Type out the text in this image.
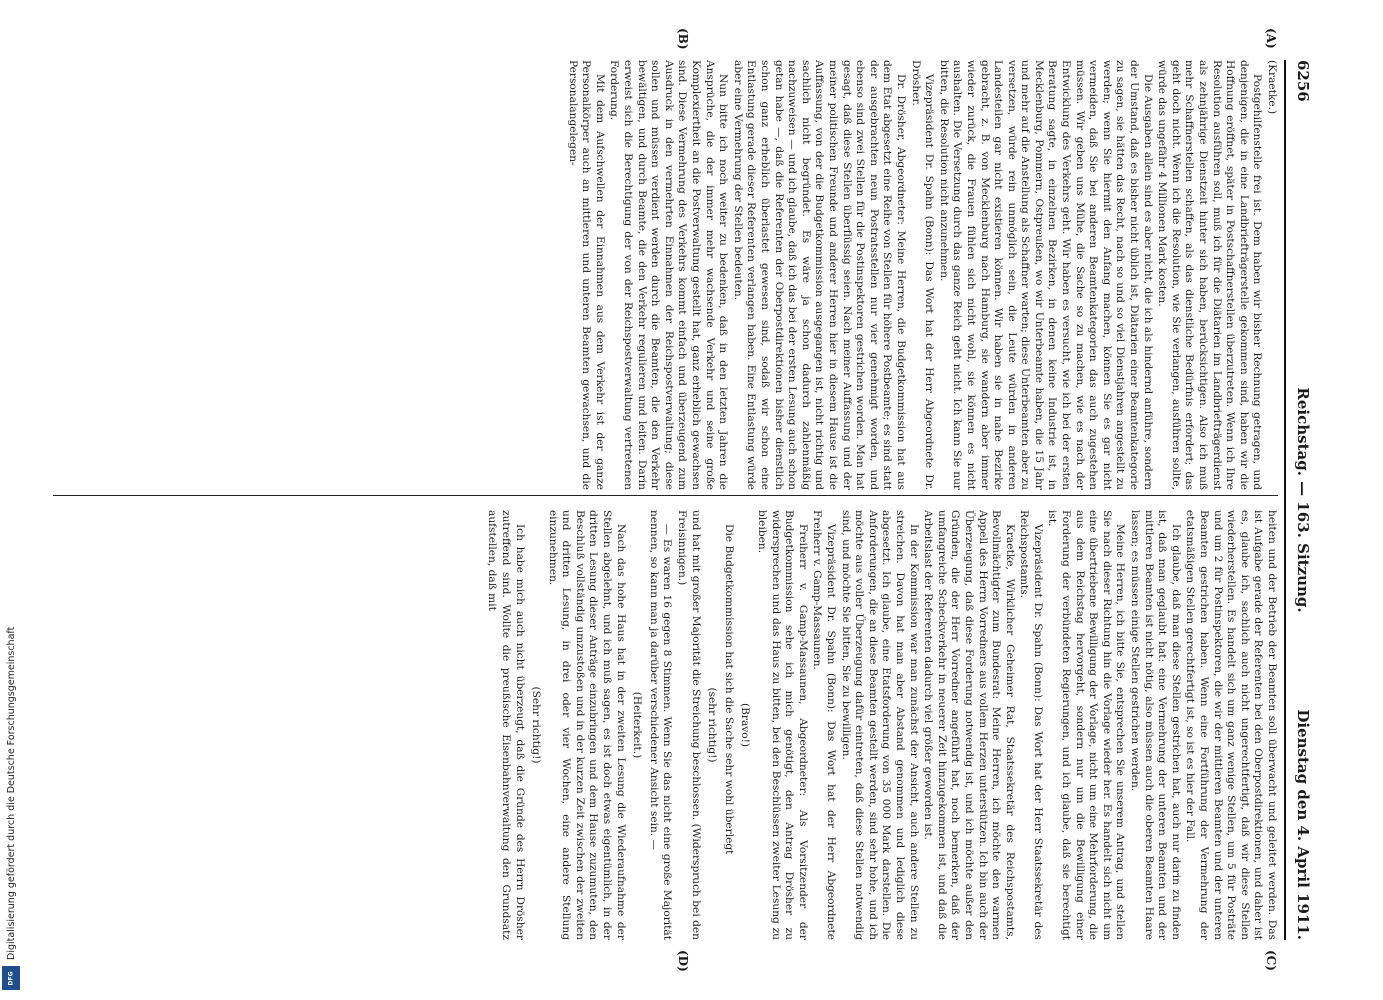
6256
Reichstag. — 163. Sitzung.
Dienstag den 4. April 1911.
(A)
(B)
(C)
(D)

(Kraetke.)

Postgehilfenstelle frei ist. Dem haben wir bisher Rechnung getragen, und denjenigen, die in eine Landbriefträgerstelle gekommen sind, haben wir die Hoffnung eröffnet, später in Postschaffnerstellen überzutreten. Wenn ich Ihre Resolution ausführen soll, muß ich für die Diätarien im Landbriefträgerdienst als zehnjährige Dienstzeit hinter sich haben, berücksichtigen. Also ich muß mehr Schaffnerstellen schaffen, als das dienstliche Bedürfnis erfordert; das geht doch nicht. Wenn ich die Resolution, wie Sie verlangen, ausführen sollte, würde das ungefähr 4 Millionen Mark kosten.

Die Ausgaben allein sind es aber nicht, die ich als hindernd anführe, sondern der Umstand, daß es bisher nicht üblich ist, Diätarien einer Beamtenkategorie zu sagen, sie hätten das Recht, nach so und so viel Dienstjahren angestellt zu werden; wenn Sie hiermit den Anfang machen, können Sie es gar nicht vermeiden, daß Sie bei anderen Beamtenkategorien das auch zugestehen müssen. Wir geben uns Mühe, die Sache so zu machen, wie es nach der Entwicklung des Verkehrs geht. Wir haben es versucht, wie ich bei der ersten Beratung sagte, in einzelnen Bezirken, in denen keine Industrie ist, in Mecklenburg, Pommern, Ostpreußen, wo wir Unterbeamte haben, die 15 Jahr und mehr auf die Anstellung als Schaffner warten; diese Unterbeamten aber zu versetzen, würde rein unmöglich sein, die Leute würden in anderen Landesteilen gar nicht existieren können. Wir haben sie in nahe Bezirke gebracht, z. B. von Mecklenburg nach Hamburg, sie wandern aber immer wieder zurück, die Frauen fühlen sich nicht wohl, sie können es nicht aushalten. Die Versetzung durch das ganze Reich geht nicht. Ich kann Sie nur bitten, die Resolution nicht anzunehmen.

Vizepräsident Dr. Spahn (Bonn): Das Wort hat der Herr Abgeordnete Dr. Drösher.

Dr. Drösher, Abgeordneter: Meine Herren, die Budgetkommission hat aus dem Etat abgesetzt eine Reihe von Stellen für höhere Postbeamte; es sind statt der ausgebrachten neun Postratsstellen nur vier genehmigt worden, und ebenso sind zwei Stellen für die Postinspektoren gestrichen worden. Man hat gesagt, daß diese Stellen überflüssig seien. Nach meiner Auffassung und der meiner politischen Freunde und anderer Herren hier in diesem Hause ist die Auffassung, von der die Budgetkommission ausgegangen ist, nicht richtig und sachlich nicht begründet. Es wäre ja schon dadurch zahlenmäßig nachzuweisen — und ich glaube, daß ich das bei der ersten Lesung auch schon getan habe —, daß die Referenten der Oberpostdirektionen bisher dienstlich schon ganz erheblich überlastet gewesen sind, sodaß wir schon eine Entlastung gerade dieser Referenten verlangen haben. Eine Entlastung würde aber eine Vermehrung der Stellen bedeuten.

Nun bitte ich noch weiter zu bedenken, daß in den letzten Jahren die Ansprüche, die der immer mehr wachsende Verkehr und seine große Komplexiertheit an die Postverwaltung gestellt hat, ganz erheblich gewachsen sind. Diese Vermehrung des Verkehrs kommt einfach und überzeugend zum Ausdruck in den vermehrten Einnahmen der Reichspostverwaltung; diese sollen und müssen verdient werden durch die Beamten, die den Verkehr bewältigen, und durch Beamte, die den Verkehr regulieren und leiten. Darin erweist sich die Berechtigung der von der Reichspostverwaltung vertretenen Forderung.

Mit dem Aufschwellen der Einnahmen aus dem Verkehr ist der ganze Personalkörper auch an mittleren und unteren Beamten gewachsen, und die Personalangelegen-

heiten und der Betrieb der Beamten soll überwacht und geleitet werden. Das ist Aufgabe gerade der Referenten bei den Oberpostdirektionen, und daher ist es, glaube ich, sachlich auch nicht ungerechtfertigt, daß wir diese Stellen wiederherstellen. Es handelt sich um ganz wenige Stellen, um 5 für Posträte und um 2 für Postinspektoren, die wir der mittleren Beamten und der unteren Beamten gestrichen haben. Wenn eine Fortführung der Vermehrung der etatsmäßigen Stellen gerechtfertigt ist, so ist es hier der Fall.

Ich glaube, daß man diese Stellen gestrichen hat, auch nur darin zu finden ist, daß man geglaubt hat: eine Vermehrung der unteren Beamten und der mittleren Beamten ist nicht nötig, also müssen auch die oberen Beamten Haare lassen; es müssen einige Stellen gestrichen werden.

Meine Herren, ich bitte Sie, entsprechen Sie unserem Antrag, und stellen Sie nach dieser Richtung hin die Vorlage wieder her. Es handelt sich nicht um eine übertriebene Bewilligung der Vorlage, nicht um eine Mehrforderung, die aus dem Reichstag hervorgeht, sondern nur um die Bewilligung einer Forderung der verbündeten Regierungen, und ich glaube, daß sie berechtigt ist.

Vizepräsident Dr. Spahn (Bonn): Das Wort hat der Herr Staatssekretär des Reichspostamts.

Kraetke, Wirklicher Geheimer Rat, Staatssekretär des Reichspostamts, Bevollmächtigter zum Bundesrat: Meine Herren, ich möchte den warmen Appell des Herrn Vorredners aus vollem Herzen unterstützen. Ich bin auch der Überzeugung, daß diese Forderung notwendig ist, und ich möchte außer den Gründen, die der Herr Vorredner angeführt hat, noch bemerken, daß der umfangreiche Scheckverkehr in neuerer Zeit hinzugekommen ist, und daß die Arbeitslast der Referenten dadurch viel größer geworden ist.

In der Kommission war man zunächst der Ansicht, auch andere Stellen zu streichen. Davon hat man aber Abstand genommen und lediglich diese abgesetzt. Ich glaube, eine Etatsforderung von 35 000 Mark darstellen. Die Anforderungen, die an diese Beamten gestellt werden, sind sehr hohe, und ich möchte aus voller Überzeugung dafür eintreten, daß diese Stellen notwendig sind, und möchte Sie bitten, Sie zu bewilligen.

Vizepräsident Dr. Spahn (Bonn): Das Wort hat der Herr Abgeordnete Freiherr v. Gamp-Massaunen.

Freiherr v. Gamp-Massaunen, Abgeordneter: Als Vorsitzender der Budgetkommission sehe ich mich genötigt, den Antrag Drösher zu widersprechen und das Haus zu bitten, bei den Beschlüssen zweiter Lesung zu bleiben.

(Bravo!)

Die Budgetkommission hat sich die Sache sehr wohl überlegt

(sehr richtig!)

und hat mit großer Majorität die Streichung beschlossen. (Widerspruch bei den Freisinnigen.)

— Es waren 16 gegen 8 Stimmen. Wenn Sie das nicht eine große Majorität nennen, so kann man ja darüber verschiedener Ansicht sein. —

(Heiterkeit.)

Nach das hohe Haus hat in der zweiten Lesung die Wiederaufnahme der Stellen abgelehnt, und ich muß sagen, es ist doch etwas eigentümlich, in der dritten Lesung dieser Anträge einzubringen und dem Hause zuzumuten, den Beschluß vollständig umzustoßen und in der kurzen Zeit zwischen der zweiten und dritten Lesung, in drei oder vier Wochen, eine andere Stellung einzunehmen.

(Sehr richtig!)

Ich habe mich auch nicht überzeugt, daß die Gründe des Herrn Drösher zutreffend sind. Wollte die preußische Eisenbahnverwaltung den Grundsatz aufstellen, daß mit

Digitalisierung gefördert durch die Deutsche Forschungsgemeinschaft
DFG
